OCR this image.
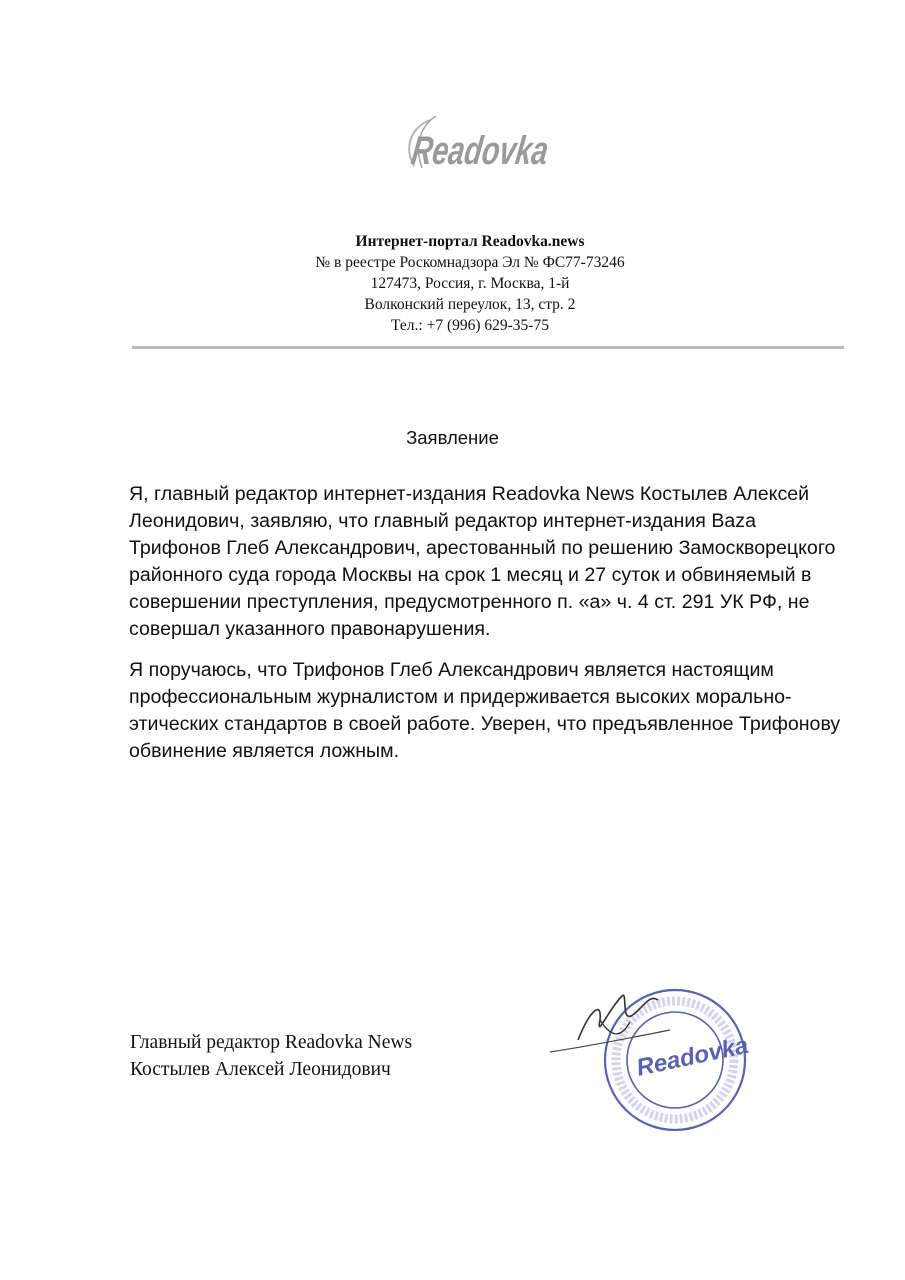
Readovka
Интернет-портал Readovka.news
№ в реестре Роскомнадзора Эл № ФС77-73246
127473, Россия, г. Москва, 1-й
Волконский переулок, 13, стр. 2
Тел.: +7 (996) 629-35-75
Заявление
Я, главный редактор интернет-издания Readovka News Костылев Алексей
Леонидович, заявляю, что главный редактор интернет-издания Baza
Трифонов Глеб Александрович, арестованный по решению Замоскворецкого
районного суда города Москвы на срок 1 месяц и 27 суток и обвиняемый в
совершении преступления, предусмотренного п. «а» ч. 4 ст. 291 УК РФ, не
совершал указанного правонарушения.
Я поручаюсь, что Трифонов Глеб Александрович является настоящим
профессиональным журналистом и придерживается высоких морально-
этических стандартов в своей работе. Уверен, что предъявленное Трифонову
обвинение является ложным.
Главный редактор Readovka News
Костылев Алексей Леонидович	Readovka
